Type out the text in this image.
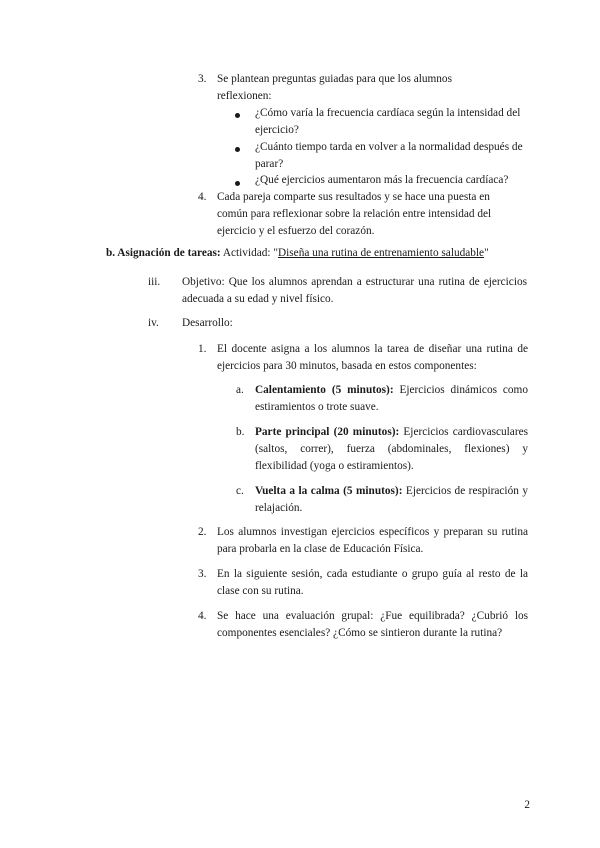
3. Se plantean preguntas guiadas para que los alumnos reflexionen:
¿Cómo varía la frecuencia cardíaca según la intensidad del ejercicio?
¿Cuánto tiempo tarda en volver a la normalidad después de parar?
¿Qué ejercicios aumentaron más la frecuencia cardíaca?
4. Cada pareja comparte sus resultados y se hace una puesta en común para reflexionar sobre la relación entre intensidad del ejercicio y el esfuerzo del corazón.
b. Asignación de tareas: Actividad: "Diseña una rutina de entrenamiento saludable"
iii. Objetivo: Que los alumnos aprendan a estructurar una rutina de ejercicios adecuada a su edad y nivel físico.
iv. Desarrollo:
1. El docente asigna a los alumnos la tarea de diseñar una rutina de ejercicios para 30 minutos, basada en estos componentes:
a. Calentamiento (5 minutos): Ejercicios dinámicos como estiramientos o trote suave.
b. Parte principal (20 minutos): Ejercicios cardiovasculares (saltos, correr), fuerza (abdominales, flexiones) y flexibilidad (yoga o estiramientos).
c. Vuelta a la calma (5 minutos): Ejercicios de respiración y relajación.
2. Los alumnos investigan ejercicios específicos y preparan su rutina para probarla en la clase de Educación Física.
3. En la siguiente sesión, cada estudiante o grupo guía al resto de la clase con su rutina.
4. Se hace una evaluación grupal: ¿Fue equilibrada? ¿Cubrió los componentes esenciales? ¿Cómo se sintieron durante la rutina?
2
